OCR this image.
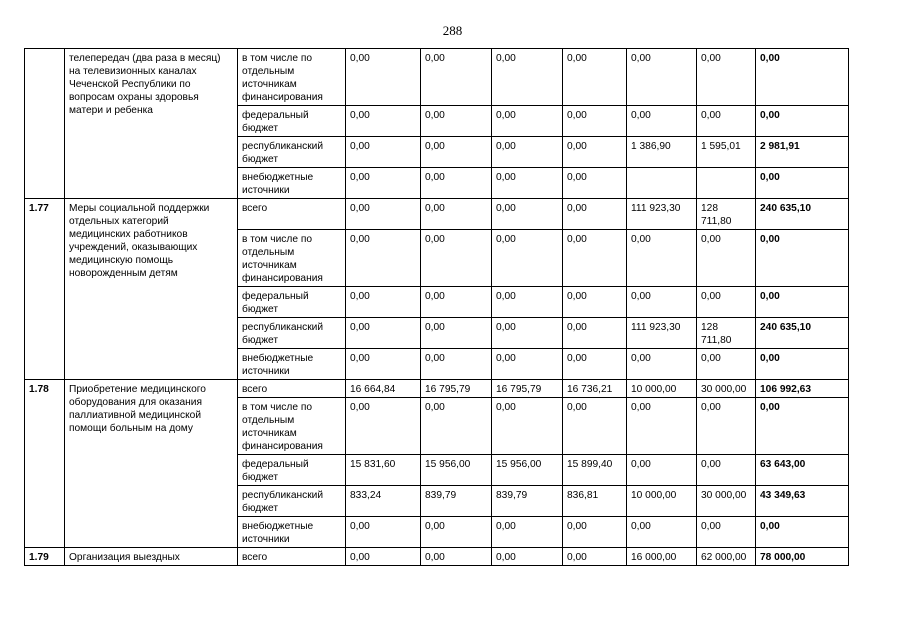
288
	телепередач (два раза в месяц) на телевизионных каналах Чеченской Республики по вопросам охраны здоровья матери и ребенка	в том числе по отдельным источникам финансирования	0,00	0,00	0,00	0,00	0,00	0,00	0,00
		федеральный бюджет	0,00	0,00	0,00	0,00	0,00	0,00	0,00
		республиканский бюджет	0,00	0,00	0,00	0,00	1 386,90	1 595,01	2 981,91
		внебюджетные источники	0,00	0,00	0,00	0,00			0,00
1.77	Меры социальной поддержки отдельных категорий медицинских работников учреждений, оказывающих медицинскую помощь новорожденным детям	всего	0,00	0,00	0,00	0,00	111 923,30	128 711,80	240 635,10
		в том числе по отдельным источникам финансирования	0,00	0,00	0,00	0,00	0,00	0,00	0,00
		федеральный бюджет	0,00	0,00	0,00	0,00	0,00	0,00	0,00
		республиканский бюджет	0,00	0,00	0,00	0,00	111 923,30	128 711,80	240 635,10
		внебюджетные источники	0,00	0,00	0,00	0,00	0,00	0,00	0,00
1.78	Приобретение медицинского оборудования для оказания паллиативной медицинской помощи больным на дому	всего	16 664,84	16 795,79	16 795,79	16 736,21	10 000,00	30 000,00	106 992,63
		в том числе по отдельным источникам финансирования	0,00	0,00	0,00	0,00	0,00	0,00	0,00
		федеральный бюджет	15 831,60	15 956,00	15 956,00	15 899,40	0,00	0,00	63 643,00
		республиканский бюджет	833,24	839,79	839,79	836,81	10 000,00	30 000,00	43 349,63
		внебюджетные источники	0,00	0,00	0,00	0,00	0,00	0,00	0,00
1.79	Организация выездных	всего	0,00	0,00	0,00	0,00	16 000,00	62 000,00	78 000,00
